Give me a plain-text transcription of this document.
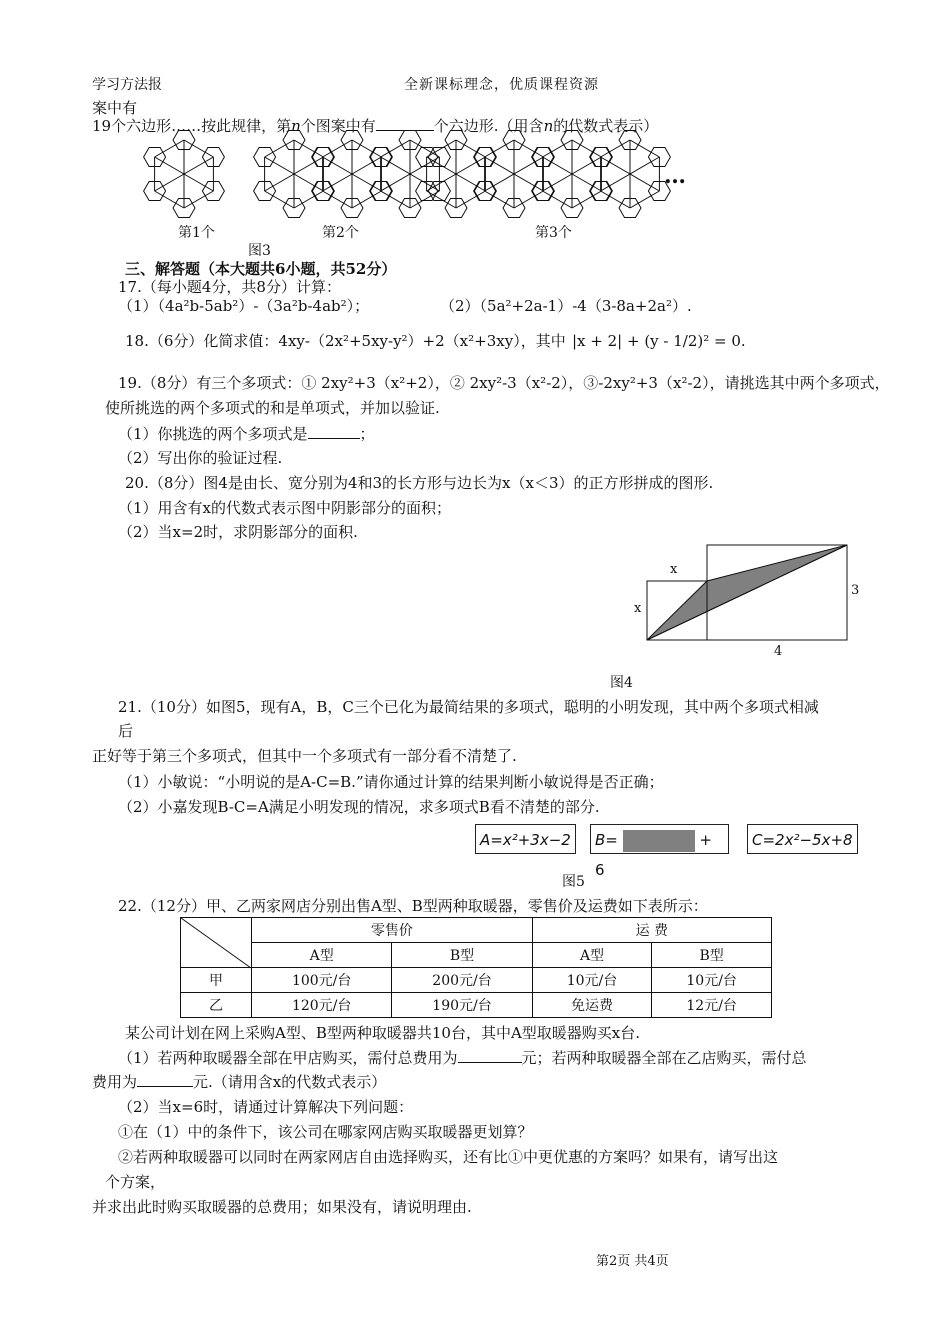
学习方法报	全新课标理念，优质课程资源
案中有
19个六边形……按此规律，第n个图案中有	个六边形.（用含n的代数式表示）
…
第1个	第2个	第3个
图3
三、解答题（本大题共6小题，共52分）
17.（每小题4分，共8分）计算：
（1）（4a²b-5ab²）-（3a²b-4ab²）；	（2）（5a²+2a-1）-4（3-8a+2a²）.
18.（6分）化简求值：4xy-（2x²+5xy-y²）+2（x²+3xy），其中 |x + 2| + (y - 1/2)² = 0.
19.（8分）有三个多项式：① 2xy²+3（x²+2），② 2xy²-3（x²-2），③-2xy²+3（x²-2），请挑选其中两个多项式，
使所挑选的两个多项式的和是单项式，并加以验证.
（1）你挑选的两个多项式是	；
（2）写出你的验证过程.
20.（8分）图4是由长、宽分别为4和3的长方形与边长为x（x＜3）的正方形拼成的图形.
（1）用含有x的代数式表示图中阴影部分的面积；
（2）当x=2时，求阴影部分的面积.
x
x
3
4
图4
21.（10分）如图5，现有A，B，C三个已化为最简结果的多项式，聪明的小明发现，其中两个多项式相减
后
正好等于第三个多项式，但其中一个多项式有一部分看不清楚了.
（1）小敏说：“小明说的是A-C=B.”请你通过计算的结果判断小敏说得是否正确；
（2）小嘉发现B-C=A满足小明发现的情况，求多项式B看不清楚的部分.
A=x²+3x−2	B=	+ 6
C=2x²−5x+8
图5
22.（12分）甲、乙两家网店分别出售A型、B型两种取暖器，零售价及运费如下表所示：
	零售价		运 费	
	A型	B型	A型	B型
甲	100元/台	200元/台	10元/台	10元/台
乙	120元/台	190元/台	免运费	12元/台
某公司计划在网上采购A型、B型两种取暖器共10台，其中A型取暖器购买x台.
（1）若两种取暖器全部在甲店购买，需付总费用为	元；若两种取暖器全部在乙店购买，需付总
费用为	元.（请用含x的代数式表示）
（2）当x=6时，请通过计算解决下列问题：
①在（1）中的条件下，该公司在哪家网店购买取暖器更划算？
②若两种取暖器可以同时在两家网店自由选择购买，还有比①中更优惠的方案吗？如果有，请写出这
个方案，
并求出此时购买取暖器的总费用；如果没有，请说明理由.
第2页 共4页
